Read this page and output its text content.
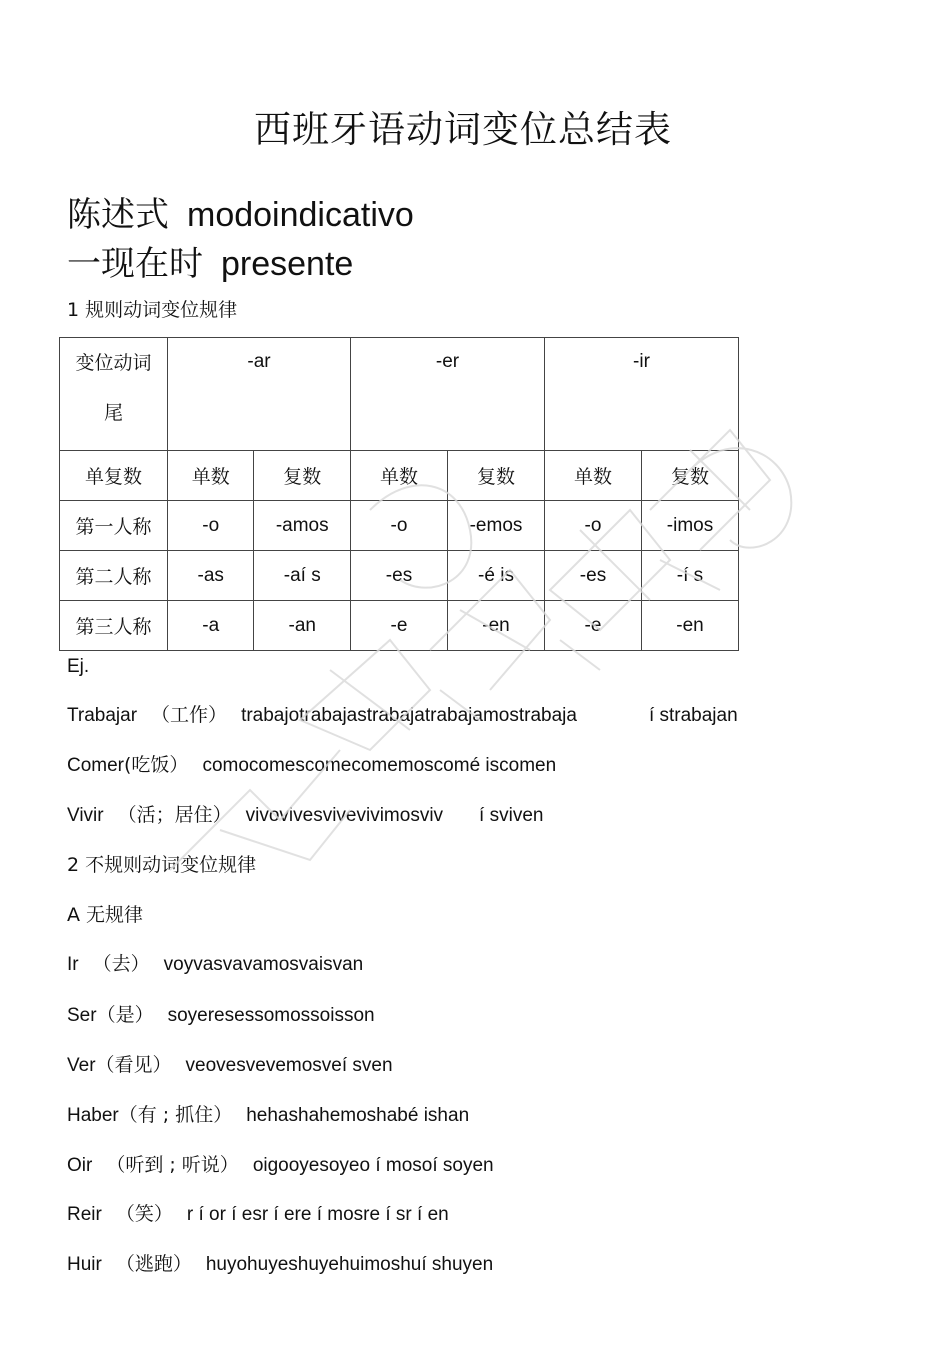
西班牙语动词变位总结表
陈述式 modoindicativo
一现在时 presente
1 规则动词变位规律
变位动词
尾	-ar		-er		-ir	
单复数	单数	复数	单数	复数	单数	复数
第一人称	-o	-amos	-o	-emos	-o	-imos
第二人称	-as	-aí s	-es	-é is	-es	-í s
第三人称	-a	-an	-e	-en	-e	-en
Ej.
Trabajar （工作） trabajotrabajastrabajatrabajamostrabaja	í strabajan
Comer(吃饭） comocomescomecomemoscomé iscomen
Vivir （活；居住） vivovivesvivevivimosviv í sviven
2 不规则动词变位规律
A 无规律
Ir （去） voyvasvavamosvaisvan
Ser（是） soyeresessomossoisson
Ver（看见） veovesvevemosveí sven
Haber（有 ; 抓住） hehashahemoshabé ishan
Oir （听到 ; 听说） oigooyesoyeo í mosoí soyen
Reir （笑） r í or í esr í ere í mosre í sr í en
Huir （逃跑） huyohuyeshuyehuimoshuí shuyen
